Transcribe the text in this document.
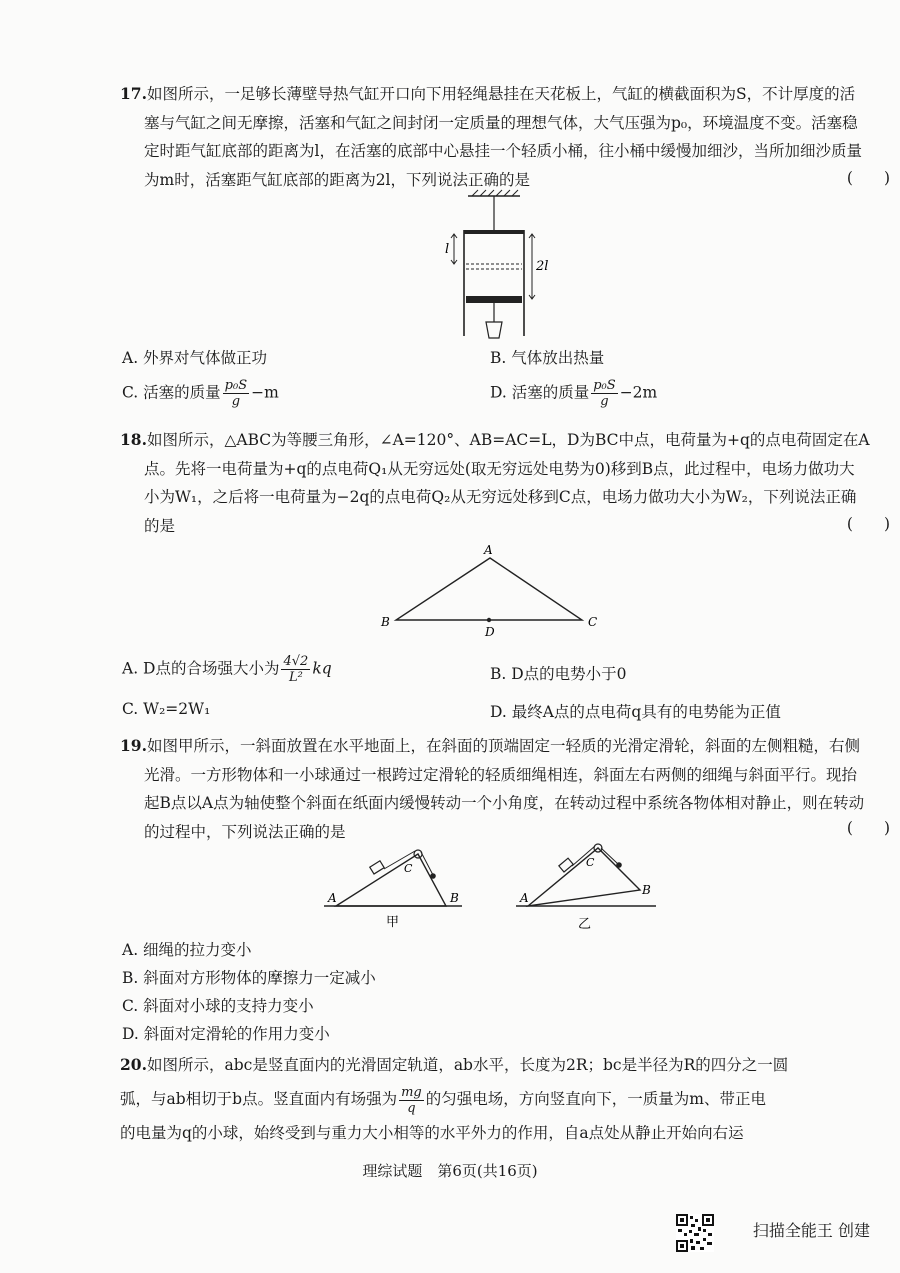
17.如图所示，一足够长薄壁导热气缸开口向下用轻绳悬挂在天花板上，气缸的横截面积为S，不计厚度的活塞与气缸之间无摩擦，活塞和气缸之间封闭一定质量的理想气体，大气压强为p₀，环境温度不变。活塞稳定时距气缸底部的距离为l，在活塞的底部中心悬挂一个轻质小桶，往小桶中缓慢加细沙，当所加细沙质量为m时，活塞距气缸底部的距离为2l，下列说法正确的是	(　　)
l
2l
A. 外界对气体做正功	B. 气体放出热量
C. 活塞的质量 $\frac{\text{p₀S}}{g} -m$	D. 活塞的质量 $\frac{\text{p₀S}}{g} -2m$

18.如图所示，△ABC为等腰三角形，∠A=120°、AB=AC=L，D为BC中点，电荷量为+q的点电荷固定在A点。先将一电荷量为+q的点电荷Q₁从无穷远处(取无穷远处电势为0)移到B点，此过程中，电场力做功大小为W₁，之后将一电荷量为−2q的点电荷Q₂从无穷远处移到C点，电场力做功大小为W₂，下列说法正确的是	(　　)
A
B	C
D
A. D点的合场强大小为 $\frac{4√2}{\text{L²}}$ kq	B. D点的电势小于0
C. W₂=2W₁	D. 最终A点的点电荷q具有的电势能为正值

19.如图甲所示，一斜面放置在水平地面上，在斜面的顶端固定一轻质的光滑定滑轮，斜面的左侧粗糙，右侧光滑。一方形物体和一小球通过一根跨过定滑轮的轻质细绳相连，斜面左右两侧的细绳与斜面平行。现抬起B点以A点为轴使整个斜面在纸面内缓慢转动一个小角度，在转动过程中系统各物体相对静止，则在转动的过程中，下列说法正确的是	(　　)
A	B
C
甲
A
B
C
乙
A. 细绳的拉力变小
B. 斜面对方形物体的摩擦力一定减小
C. 斜面对小球的支持力变小
D. 斜面对定滑轮的作用力变小

20.如图所示，abc是竖直面内的光滑固定轨道，ab水平，长度为2R；bc是半径为R的四分之一圆

弧，与ab相切于b点。竖直面内有场强为 $\frac{mg}{q}$ 的匀强电场，方向竖直向下，一质量为m、带正电

的电量为q的小球，始终受到与重力大小相等的水平外力的作用，自a点处从静止开始向右运

理综试题　第6页(共16页)
扫描全能王 创建
